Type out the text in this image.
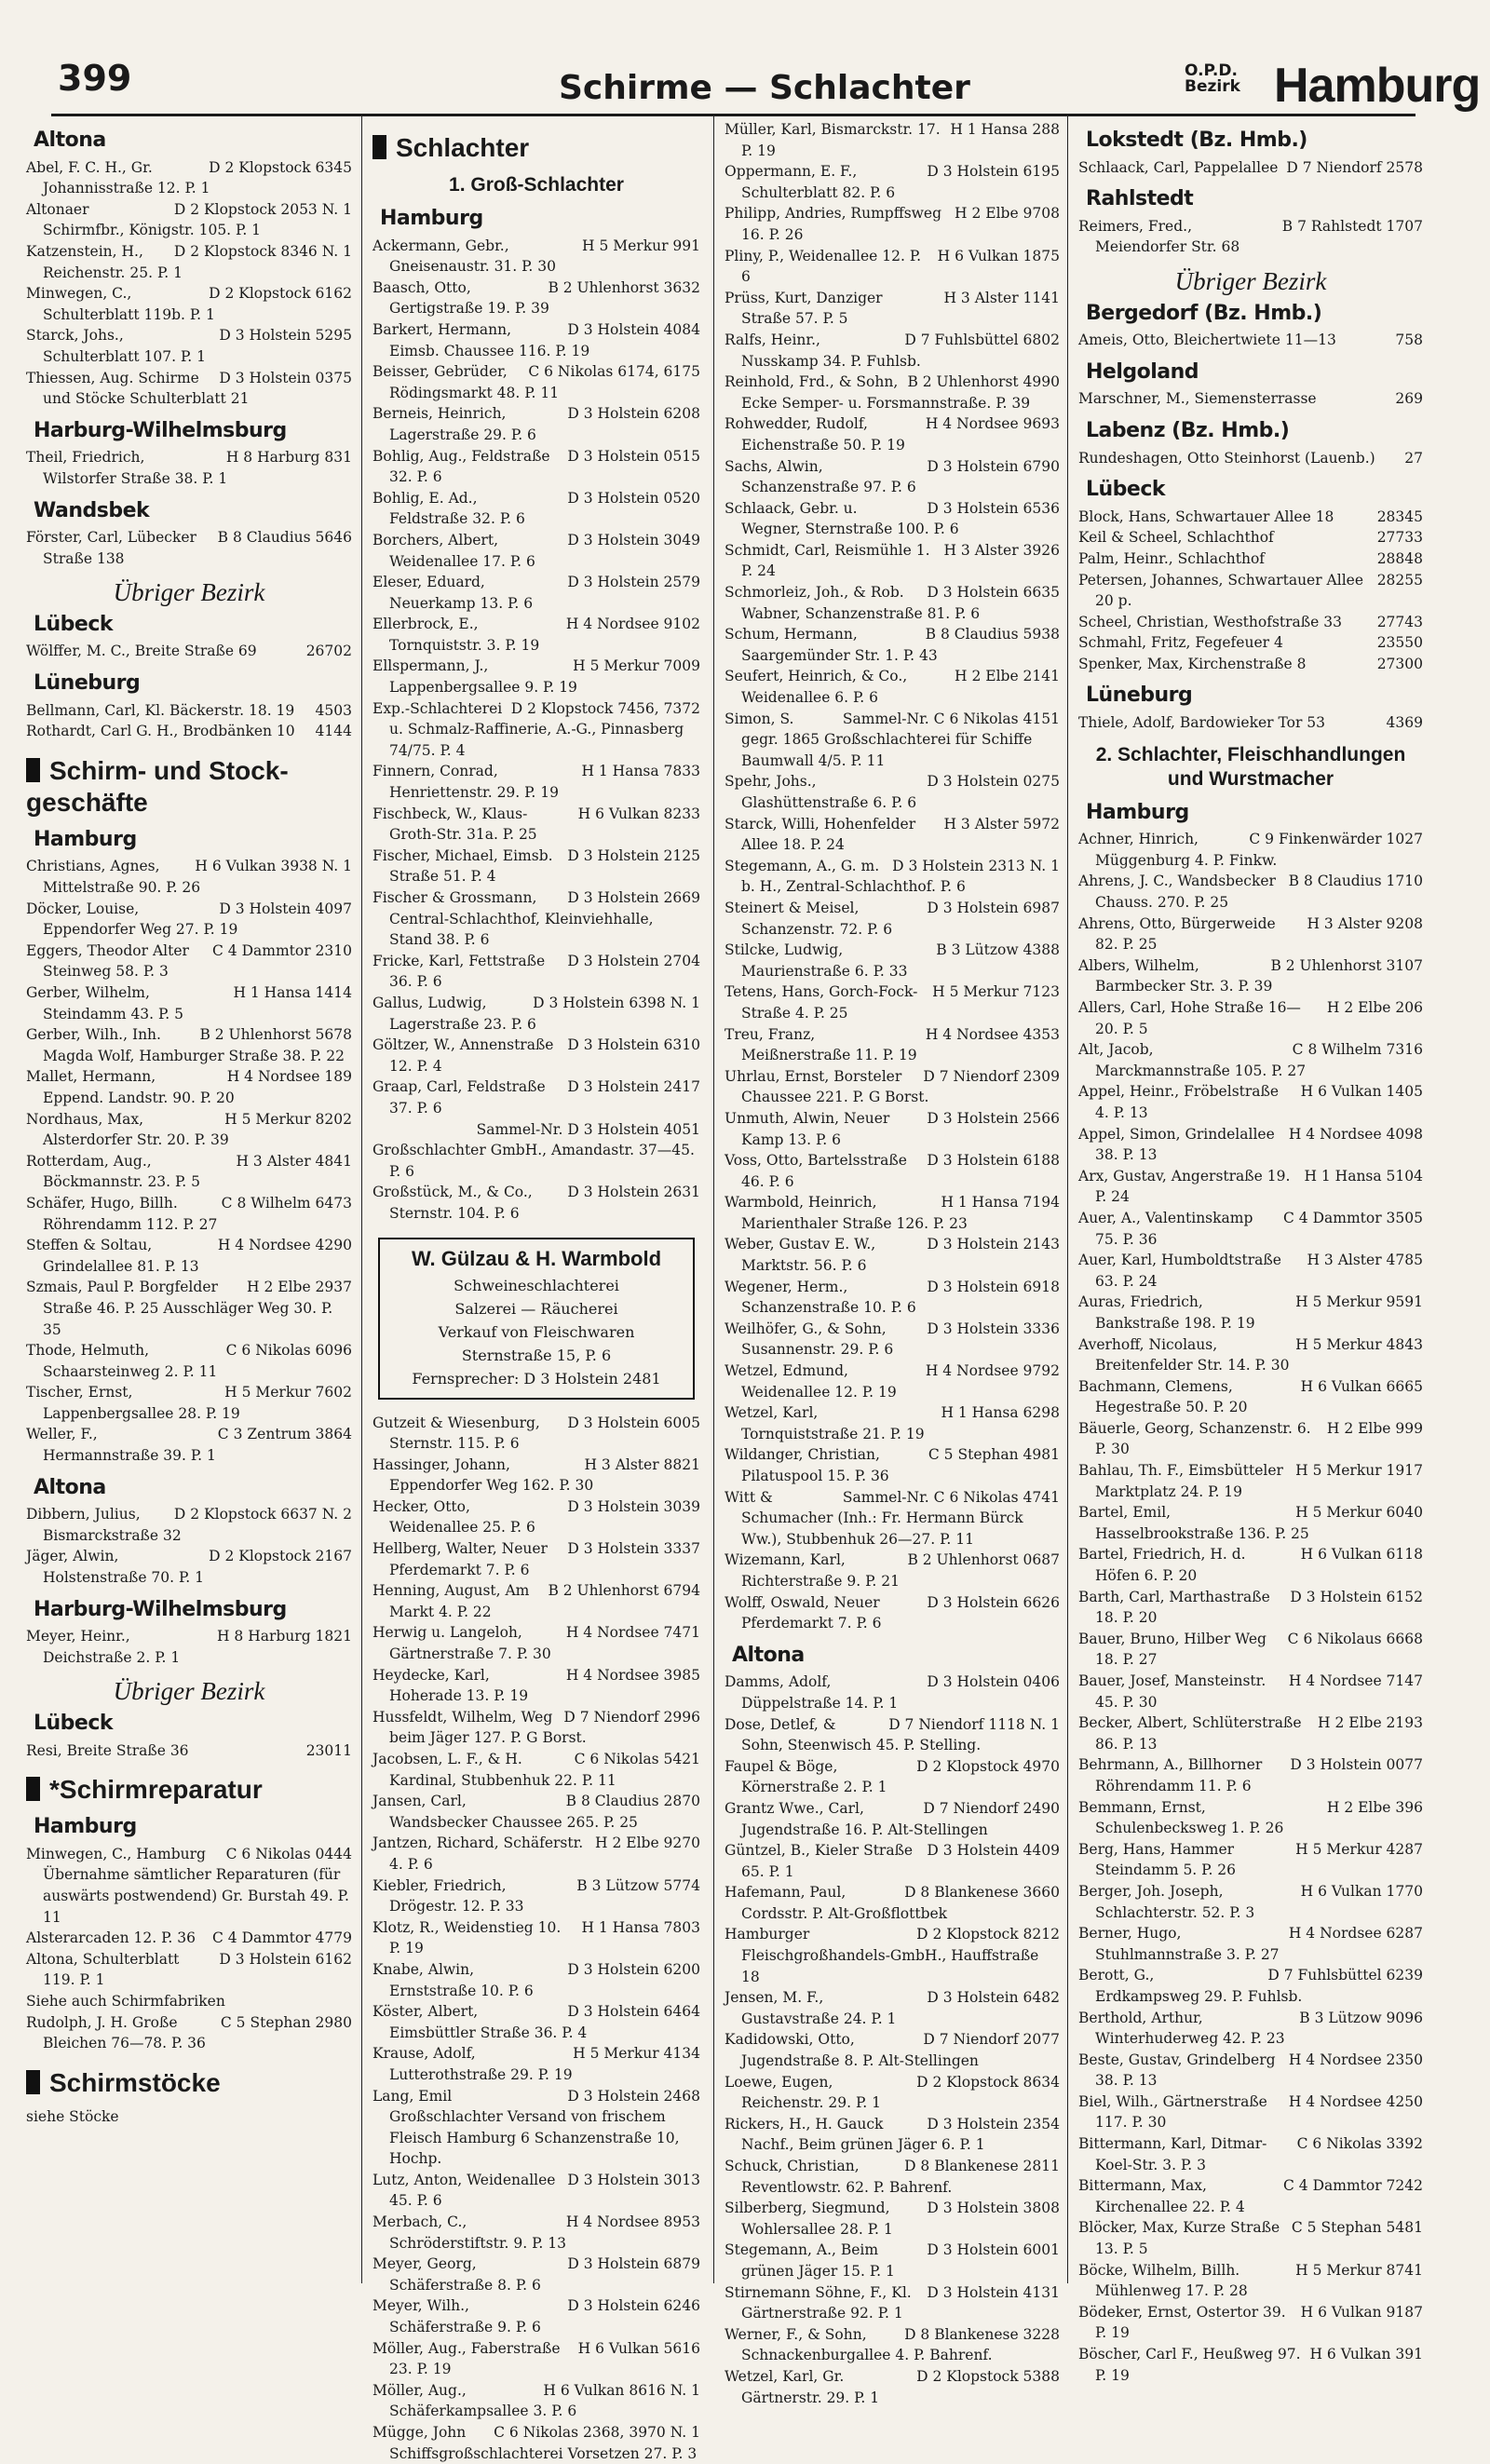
399	Schirme — Schlachter	O.P.D.
Bezirk Hamburg
Altona
D 2 Klopstock 6345
Abel, F. C. H., Gr. Johannisstraße 12. P. 1
D 2 Klopstock 2053 N. 1
Altonaer Schirmfbr., Königstr. 105. P. 1
D 2 Klopstock 8346 N. 1
Katzenstein, H., Reichenstr. 25. P. 1
D 2 Klopstock 6162
Minwegen, C., Schulterblatt 119b. P. 1
D 3 Holstein 5295
Starck, Johs., Schulterblatt 107. P. 1
D 3 Holstein 0375
Thiessen, Aug. Schirme und Stöcke Schulterblatt 21
Harburg-Wilhelmsburg
H 8 Harburg 831
Theil, Friedrich, Wilstorfer Straße 38. P. 1
Wandsbek
B 8 Claudius 5646
Förster, Carl, Lübecker Straße 138
Übriger Bezirk
Lübeck
26702
Wölffer, M. C., Breite Straße 69
Lüneburg
4503
Bellmann, Carl, Kl. Bäckerstr. 18. 19
4144
Rothardt, Carl G. H., Brodbänken 10
Schirm- und Stock-geschäfte
Hamburg
H 6 Vulkan 3938 N. 1
Christians, Agnes, Mittelstraße 90. P. 26
D 3 Holstein 4097
Döcker, Louise, Eppendorfer Weg 27. P. 19
C 4 Dammtor 2310
Eggers, Theodor Alter Steinweg 58. P. 3
H 1 Hansa 1414
Gerber, Wilhelm, Steindamm 43. P. 5
B 2 Uhlenhorst 5678
Gerber, Wilh., Inh. Magda Wolf, Hamburger Straße 38. P. 22
H 4 Nordsee 189
Mallet, Hermann, Eppend. Landstr. 90. P. 20
H 5 Merkur 8202
Nordhaus, Max, Alsterdorfer Str. 20. P. 39
H 3 Alster 4841
Rotterdam, Aug., Böckmannstr. 23. P. 5
C 8 Wilhelm 6473
Schäfer, Hugo, Billh. Röhrendamm 112. P. 27
H 4 Nordsee 4290
Steffen & Soltau, Grindelallee 81. P. 13
H 2 Elbe 2937
Szmais, Paul P. Borgfelder Straße 46. P. 25 Ausschläger Weg 30. P. 35
C 6 Nikolas 6096
Thode, Helmuth, Schaarsteinweg 2. P. 11
H 5 Merkur 7602
Tischer, Ernst, Lappenbergsallee 28. P. 19
C 3 Zentrum 3864
Weller, F., Hermannstraße 39. P. 1
Altona
D 2 Klopstock 6637 N. 2
Dibbern, Julius, Bismarckstraße 32
D 2 Klopstock 2167
Jäger, Alwin, Holstenstraße 70. P. 1
Harburg-Wilhelmsburg
H 8 Harburg 1821
Meyer, Heinr., Deichstraße 2. P. 1
Übriger Bezirk
Lübeck
23011
Resi, Breite Straße 36
*Schirmreparatur
Hamburg
C 6 Nikolas 0444
Minwegen, C., Hamburg Übernahme sämtlicher Reparaturen (für auswärts postwendend) Gr. Burstah 49. P. 11
C 4 Dammtor 4779
Alsterarcaden 12. P. 36
D 3 Holstein 6162
Altona, Schulterblatt 119. P. 1
Siehe auch Schirmfabriken
C 5 Stephan 2980
Rudolph, J. H. Große Bleichen 76—78. P. 36
Schirmstöcke
siehe Stöcke
Schlachter
1. Groß-Schlachter
Hamburg
H 5 Merkur 991
Ackermann, Gebr., Gneisenaustr. 31. P. 30
B 2 Uhlenhorst 3632
Baasch, Otto, Gertigstraße 19. P. 39
D 3 Holstein 4084
Barkert, Hermann, Eimsb. Chaussee 116. P. 19
C 6 Nikolas 6174, 6175
Beisser, Gebrüder, Rödingsmarkt 48. P. 11
D 3 Holstein 6208
Berneis, Heinrich, Lagerstraße 29. P. 6
D 3 Holstein 0515
Bohlig, Aug., Feldstraße 32. P. 6
D 3 Holstein 0520
Bohlig, E. Ad., Feldstraße 32. P. 6
D 3 Holstein 3049
Borchers, Albert, Weidenallee 17. P. 6
D 3 Holstein 2579
Eleser, Eduard, Neuerkamp 13. P. 6
H 4 Nordsee 9102
Ellerbrock, E., Tornquiststr. 3. P. 19
H 5 Merkur 7009
Ellspermann, J., Lappenbergsallee 9. P. 19
D 2 Klopstock 7456, 7372
Exp.-Schlachterei u. Schmalz-Raffinerie, A.-G., Pinnasberg 74/75. P. 4
H 1 Hansa 7833
Finnern, Conrad, Henriettenstr. 29. P. 19
H 6 Vulkan 8233
Fischbeck, W., Klaus-Groth-Str. 31a. P. 25
D 3 Holstein 2125
Fischer, Michael, Eimsb. Straße 51. P. 4
D 3 Holstein 2669
Fischer & Grossmann, Central-Schlachthof, Kleinviehhalle, Stand 38. P. 6
D 3 Holstein 2704
Fricke, Karl, Fettstraße 36. P. 6
D 3 Holstein 6398 N. 1
Gallus, Ludwig, Lagerstraße 23. P. 6
D 3 Holstein 6310
Göltzer, W., Annenstraße 12. P. 4
D 3 Holstein 2417
Graap, Carl, Feldstraße 37. P. 6
Sammel-Nr. D 3 Holstein 4051
Großschlachter GmbH., Amandastr. 37—45. P. 6
D 3 Holstein 2631
Großstück, M., & Co., Sternstr. 104. P. 6
W. Gülzau & H. Warmbold
Schweineschlachterei
Salzerei — Räucherei
Verkauf von Fleischwaren
Sternstraße 15, P. 6
Fernsprecher: D 3 Holstein 2481
D 3 Holstein 6005
Gutzeit & Wiesenburg, Sternstr. 115. P. 6
H 3 Alster 8821
Hassinger, Johann, Eppendorfer Weg 162. P. 30
D 3 Holstein 3039
Hecker, Otto, Weidenallee 25. P. 6
D 3 Holstein 3337
Hellberg, Walter, Neuer Pferdemarkt 7. P. 6
B 2 Uhlenhorst 6794
Henning, August, Am Markt 4. P. 22
H 4 Nordsee 7471
Herwig u. Langeloh, Gärtnerstraße 7. P. 30
H 4 Nordsee 3985
Heydecke, Karl, Hoherade 13. P. 19
D 7 Niendorf 2996
Hussfeldt, Wilhelm, Weg beim Jäger 127. P. G Borst.
C 6 Nikolas 5421
Jacobsen, L. F., & H. Kardinal, Stubbenhuk 22. P. 11
B 8 Claudius 2870
Jansen, Carl, Wandsbecker Chaussee 265. P. 25
H 2 Elbe 9270
Jantzen, Richard, Schäferstr. 4. P. 6
B 3 Lützow 5774
Kiebler, Friedrich, Drögestr. 12. P. 33
H 1 Hansa 7803
Klotz, R., Weidenstieg 10. P. 19
D 3 Holstein 6200
Knabe, Alwin, Ernststraße 10. P. 6
D 3 Holstein 6464
Köster, Albert, Eimsbüttler Straße 36. P. 4
H 5 Merkur 4134
Krause, Adolf, Lutterothstraße 29. P. 19
D 3 Holstein 2468
Lang, Emil Großschlachter Versand von frischem Fleisch Hamburg 6 Schanzenstraße 10, Hochp.
D 3 Holstein 3013
Lutz, Anton, Weidenallee 45. P. 6
H 4 Nordsee 8953
Merbach, C., Schröderstiftstr. 9. P. 13
D 3 Holstein 6879
Meyer, Georg, Schäferstraße 8. P. 6
D 3 Holstein 6246
Meyer, Wilh., Schäferstraße 9. P. 6
H 6 Vulkan 5616
Möller, Aug., Faberstraße 23. P. 19
H 6 Vulkan 8616 N. 1
Möller, Aug., Schäferkampsallee 3. P. 6
C 6 Nikolas 2368, 3970 N. 1
Mügge, John Schiffsgroßschlachterei Vorsetzen 27. P. 3
H 1 Hansa 288
Müller, Karl, Bismarckstr. 17. P. 19
D 3 Holstein 6195
Oppermann, E. F., Schulterblatt 82. P. 6
H 2 Elbe 9708
Philipp, Andries, Rumpffsweg 16. P. 26
H 6 Vulkan 1875
Pliny, P., Weidenallee 12. P. 6
H 3 Alster 1141
Prüss, Kurt, Danziger Straße 57. P. 5
D 7 Fuhlsbüttel 6802
Ralfs, Heinr., Nusskamp 34. P. Fuhlsb.
B 2 Uhlenhorst 4990
Reinhold, Frd., & Sohn, Ecke Semper- u. Forsmannstraße. P. 39
H 4 Nordsee 9693
Rohwedder, Rudolf, Eichenstraße 50. P. 19
D 3 Holstein 6790
Sachs, Alwin, Schanzenstraße 97. P. 6
D 3 Holstein 6536
Schlaack, Gebr. u. Wegner, Sternstraße 100. P. 6
H 3 Alster 3926
Schmidt, Carl, Reismühle 1. P. 24
D 3 Holstein 6635
Schmorleiz, Joh., & Rob. Wabner, Schanzenstraße 81. P. 6
B 8 Claudius 5938
Schum, Hermann, Saargemünder Str. 1. P. 43
H 2 Elbe 2141
Seufert, Heinrich, & Co., Weidenallee 6. P. 6
Sammel-Nr. C 6 Nikolas 4151
Simon, S. gegr. 1865 Großschlachterei für Schiffe Baumwall 4/5. P. 11
D 3 Holstein 0275
Spehr, Johs., Glashüttenstraße 6. P. 6
H 3 Alster 5972
Starck, Willi, Hohenfelder Allee 18. P. 24
D 3 Holstein 2313 N. 1
Stegemann, A., G. m. b. H., Zentral-Schlachthof. P. 6
D 3 Holstein 6987
Steinert & Meisel, Schanzenstr. 72. P. 6
B 3 Lützow 4388
Stilcke, Ludwig, Maurienstraße 6. P. 33
H 5 Merkur 7123
Tetens, Hans, Gorch-Fock-Straße 4. P. 25
H 4 Nordsee 4353
Treu, Franz, Meißnerstraße 11. P. 19
D 7 Niendorf 2309
Uhrlau, Ernst, Borsteler Chaussee 221. P. G Borst.
D 3 Holstein 2566
Unmuth, Alwin, Neuer Kamp 13. P. 6
D 3 Holstein 6188
Voss, Otto, Bartelsstraße 46. P. 6
H 1 Hansa 7194
Warmbold, Heinrich, Marienthaler Straße 126. P. 23
D 3 Holstein 2143
Weber, Gustav E. W., Marktstr. 56. P. 6
D 3 Holstein 6918
Wegener, Herm., Schanzenstraße 10. P. 6
D 3 Holstein 3336
Weilhöfer, G., & Sohn, Susannenstr. 29. P. 6
H 4 Nordsee 9792
Wetzel, Edmund, Weidenallee 12. P. 19
H 1 Hansa 6298
Wetzel, Karl, Tornquiststraße 21. P. 19
C 5 Stephan 4981
Wildanger, Christian, Pilatuspool 15. P. 36
Sammel-Nr. C 6 Nikolas 4741
Witt & Schumacher (Inh.: Fr. Hermann Bürck Ww.), Stubbenhuk 26—27. P. 11
B 2 Uhlenhorst 0687
Wizemann, Karl, Richterstraße 9. P. 21
D 3 Holstein 6626
Wolff, Oswald, Neuer Pferdemarkt 7. P. 6
Altona
D 3 Holstein 0406
Damms, Adolf, Düppelstraße 14. P. 1
D 7 Niendorf 1118 N. 1
Dose, Detlef, & Sohn, Steenwisch 45. P. Stelling.
D 2 Klopstock 4970
Faupel & Böge, Körnerstraße 2. P. 1
D 7 Niendorf 2490
Grantz Wwe., Carl, Jugendstraße 16. P. Alt-Stellingen
D 3 Holstein 4409
Güntzel, B., Kieler Straße 65. P. 1
D 8 Blankenese 3660
Hafemann, Paul, Cordsstr. P. Alt-Großflottbek
D 2 Klopstock 8212
Hamburger Fleischgroßhandels-GmbH., Hauffstraße 18
D 3 Holstein 6482
Jensen, M. F., Gustavstraße 24. P. 1
D 7 Niendorf 2077
Kadidowski, Otto, Jugendstraße 8. P. Alt-Stellingen
D 2 Klopstock 8634
Loewe, Eugen, Reichenstr. 29. P. 1
D 3 Holstein 2354
Rickers, H., H. Gauck Nachf., Beim grünen Jäger 6. P. 1
D 8 Blankenese 2811
Schuck, Christian, Reventlowstr. 62. P. Bahrenf.
D 3 Holstein 3808
Silberberg, Siegmund, Wohlersallee 28. P. 1
D 3 Holstein 6001
Stegemann, A., Beim grünen Jäger 15. P. 1
D 3 Holstein 4131
Stirnemann Söhne, F., Kl. Gärtnerstraße 92. P. 1
D 8 Blankenese 3228
Werner, F., & Sohn, Schnackenburgallee 4. P. Bahrenf.
D 2 Klopstock 5388
Wetzel, Karl, Gr. Gärtnerstr. 29. P. 1
Lokstedt (Bz. Hmb.)
D 7 Niendorf 2578
Schlaack, Carl, Pappelallee
Rahlstedt
B 7 Rahlstedt 1707
Reimers, Fred., Meiendorfer Str. 68
Übriger Bezirk
Bergedorf (Bz. Hmb.)
758
Ameis, Otto, Bleichertwiete 11—13
Helgoland
269
Marschner, M., Siemensterrasse
Labenz (Bz. Hmb.)
27
Rundeshagen, Otto Steinhorst (Lauenb.)
Lübeck
28345
Block, Hans, Schwartauer Allee 18
27733
Keil & Scheel, Schlachthof
28848
Palm, Heinr., Schlachthof
28255
Petersen, Johannes, Schwartauer Allee 20 p.
27743
Scheel, Christian, Westhofstraße 33
23550
Schmahl, Fritz, Fegefeuer 4
27300
Spenker, Max, Kirchenstraße 8
Lüneburg
4369
Thiele, Adolf, Bardowieker Tor 53
2. Schlachter, Fleischhandlungen und Wurstmacher
Hamburg
C 9 Finkenwärder 1027
Achner, Hinrich, Müggenburg 4. P. Finkw.
B 8 Claudius 1710
Ahrens, J. C., Wandsbecker Chauss. 270. P. 25
H 3 Alster 9208
Ahrens, Otto, Bürgerweide 82. P. 25
B 2 Uhlenhorst 3107
Albers, Wilhelm, Barmbecker Str. 3. P. 39
H 2 Elbe 206
Allers, Carl, Hohe Straße 16—20. P. 5
C 8 Wilhelm 7316
Alt, Jacob, Marckmannstraße 105. P. 27
H 6 Vulkan 1405
Appel, Heinr., Fröbelstraße 4. P. 13
H 4 Nordsee 4098
Appel, Simon, Grindelallee 38. P. 13
H 1 Hansa 5104
Arx, Gustav, Angerstraße 19. P. 24
C 4 Dammtor 3505
Auer, A., Valentinskamp 75. P. 36
H 3 Alster 4785
Auer, Karl, Humboldtstraße 63. P. 24
H 5 Merkur 9591
Auras, Friedrich, Bankstraße 198. P. 19
H 5 Merkur 4843
Averhoff, Nicolaus, Breitenfelder Str. 14. P. 30
H 6 Vulkan 6665
Bachmann, Clemens, Hegestraße 50. P. 20
H 2 Elbe 999
Bäuerle, Georg, Schanzenstr. 6. P. 30
H 5 Merkur 1917
Bahlau, Th. F., Eimsbütteler Marktplatz 24. P. 19
H 5 Merkur 6040
Bartel, Emil, Hasselbrookstraße 136. P. 25
H 6 Vulkan 6118
Bartel, Friedrich, H. d. Höfen 6. P. 20
D 3 Holstein 6152
Barth, Carl, Marthastraße 18. P. 20
C 6 Nikolaus 6668
Bauer, Bruno, Hilber Weg 18. P. 27
H 4 Nordsee 7147
Bauer, Josef, Mansteinstr. 45. P. 30
H 2 Elbe 2193
Becker, Albert, Schlüterstraße 86. P. 13
D 3 Holstein 0077
Behrmann, A., Billhorner Röhrendamm 11. P. 6
H 2 Elbe 396
Bemmann, Ernst, Schulenbecksweg 1. P. 26
H 5 Merkur 4287
Berg, Hans, Hammer Steindamm 5. P. 26
H 6 Vulkan 1770
Berger, Joh. Joseph, Schlachterstr. 52. P. 3
H 4 Nordsee 6287
Berner, Hugo, Stuhlmannstraße 3. P. 27
D 7 Fuhlsbüttel 6239
Berott, G., Erdkampsweg 29. P. Fuhlsb.
B 3 Lützow 9096
Berthold, Arthur, Winterhuderweg 42. P. 23
H 4 Nordsee 2350
Beste, Gustav, Grindelberg 38. P. 13
H 4 Nordsee 4250
Biel, Wilh., Gärtnerstraße 117. P. 30
C 6 Nikolas 3392
Bittermann, Karl, Ditmar-Koel-Str. 3. P. 3
C 4 Dammtor 7242
Bittermann, Max, Kirchenallee 22. P. 4
C 5 Stephan 5481
Blöcker, Max, Kurze Straße 13. P. 5
H 5 Merkur 8741
Böcke, Wilhelm, Billh. Mühlenweg 17. P. 28
H 6 Vulkan 9187
Bödeker, Ernst, Ostertor 39. P. 19
H 6 Vulkan 391
Böscher, Carl F., Heußweg 97. P. 19
